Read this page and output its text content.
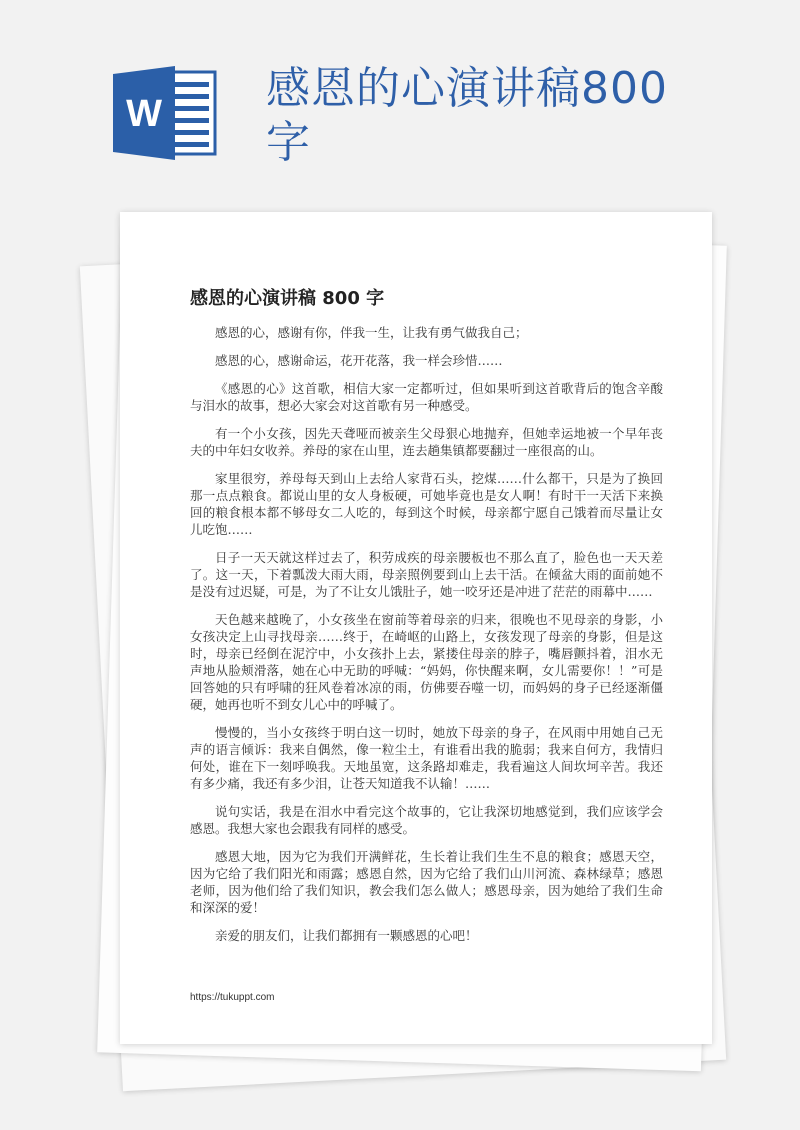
W 感恩的心演讲稿800
字
感恩的心演讲稿 800 字

感恩的心，感谢有你，伴我一生，让我有勇气做我自己；

感恩的心，感谢命运，花开花落，我一样会珍惜……

《感恩的心》这首歌，相信大家一定都听过，但如果听到这首歌背后的饱含辛酸与泪水的故事，想必大家会对这首歌有另一种感受。

有一个小女孩，因先天聋哑而被亲生父母狠心地抛弃，但她幸运地被一个早年丧夫的中年妇女收养。养母的家在山里，连去趟集镇都要翻过一座很高的山。

家里很穷，养母每天到山上去给人家背石头，挖煤……什么都干，只是为了换回那一点点粮食。都说山里的女人身板硬，可她毕竟也是女人啊！有时干一天活下来换回的粮食根本都不够母女二人吃的，每到这个时候，母亲都宁愿自己饿着而尽量让女儿吃饱……

日子一天天就这样过去了，积劳成疾的母亲腰板也不那么直了，脸色也一天天差了。这一天，下着瓢泼大雨大雨，母亲照例要到山上去干活。在倾盆大雨的面前她不是没有过迟疑，可是，为了不让女儿饿肚子，她一咬牙还是冲进了茫茫的雨幕中……

天色越来越晚了，小女孩坐在窗前等着母亲的归来，很晚也不见母亲的身影，小女孩决定上山寻找母亲……终于，在崎岖的山路上，女孩发现了母亲的身影，但是这时，母亲已经倒在泥泞中，小女孩扑上去，紧搂住母亲的脖子，嘴唇颤抖着，泪水无声地从脸颊滑落，她在心中无助的呼喊：“妈妈，你快醒来啊，女儿需要你！！”可是回答她的只有呼啸的狂风卷着冰凉的雨，仿佛要吞噬一切，而妈妈的身子已经逐渐僵硬，她再也听不到女儿心中的呼喊了。

慢慢的，当小女孩终于明白这一切时，她放下母亲的身子，在风雨中用她自己无声的语言倾诉：我来自偶然，像一粒尘土，有谁看出我的脆弱；我来自何方，我情归何处，谁在下一刻呼唤我。天地虽宽，这条路却难走，我看遍这人间坎坷辛苦。我还有多少痛，我还有多少泪，让苍天知道我不认输！……

说句实话，我是在泪水中看完这个故事的，它让我深切地感觉到，我们应该学会感恩。我想大家也会跟我有同样的感受。

感恩大地，因为它为我们开满鲜花，生长着让我们生生不息的粮食；感恩天空，因为它给了我们阳光和雨露；感恩自然，因为它给了我们山川河流、森林绿草；感恩老师，因为他们给了我们知识，教会我们怎么做人；感恩母亲，因为她给了我们生命和深深的爱！

亲爱的朋友们，让我们都拥有一颗感恩的心吧！

https://tukuppt.com
